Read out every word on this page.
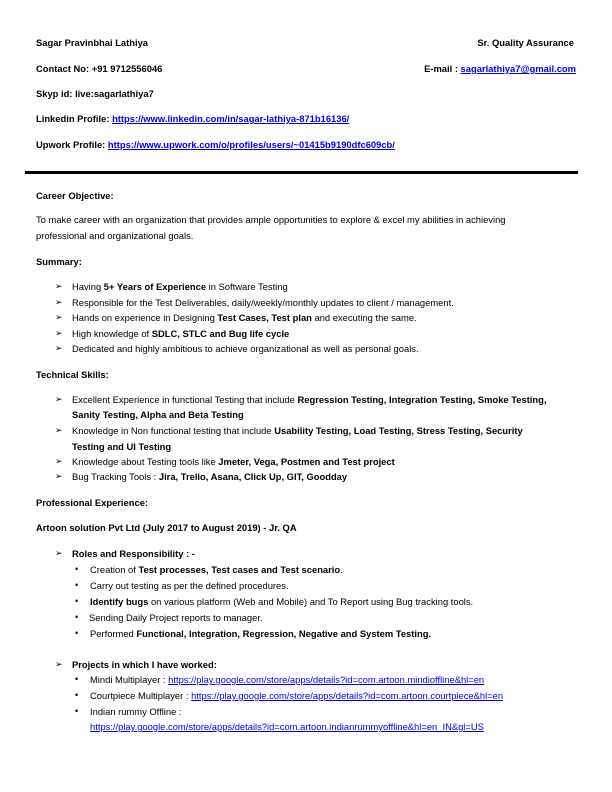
Sagar Pravinbhai Lathiya	Sr. Quality Assurance
Contact No: +91 9712556046	E-mail : sagarlathiya7@gmail.com
Skyp id: live:sagarlathiya7
Linkedin Profile: https://www.linkedin.com/in/sagar-lathiya-871b16136/
Upwork Profile: https://www.upwork.com/o/profiles/users/~01415b9190dfc609cb/
Career Objective:
To make career with an organization that provides ample opportunities to explore & excel my abilities in achieving
professional and organizational goals.
Summary:
➢ Having 5+ Years of Experience in Software Testing
➢ Responsible for the Test Deliverables, daily/weekly/monthly updates to client / management.
➢ Hands on experience in Designing Test Cases, Test plan and executing the same.
➢ High knowledge of SDLC, STLC and Bug life cycle
➢ Dedicated and highly ambitious to achieve organizational as well as personal goals.
Technical Skills:
➢ Excellent Experience in functional Testing that include Regression Testing, Integration Testing, Smoke Testing,
Sanity Testing, Alpha and Beta Testing
➢ Knowledge in Non functional testing that include Usability Testing, Load Testing, Stress Testing, Security
Testing and UI Testing
➢ Knowledge about Testing tools like Jmeter, Vega, Postmen and Test project
➢ Bug Tracking Tools : Jira, Trello, Asana, Click Up, GIT, Goodday
Professional Experience:
Artoon solution Pvt Ltd (July 2017 to August 2019) - Jr. QA
➢ Roles and Responsibility : -
• Creation of Test processes, Test cases and Test scenario.
• Carry out testing as per the defined procedures.
• Identify bugs on various platform (Web and Mobile) and To Report using Bug tracking tools.
• Sending Daily Project reports to manager.
• Performed Functional, Integration, Regression, Negative and System Testing.
➢ Projects in which I have worked:
• Mindi Multiplayer : https://play.google.com/store/apps/details?id=com.artoon.mindioffline&hl=en
• Courtpiece Multiplayer : https://play.google.com/store/apps/details?id=com.artoon.courtpiece&hl=en
• Indian rummy Offline :
https://play.google.com/store/apps/details?id=com.artoon.indianrummyoffline&hl=en_IN&gl=US
